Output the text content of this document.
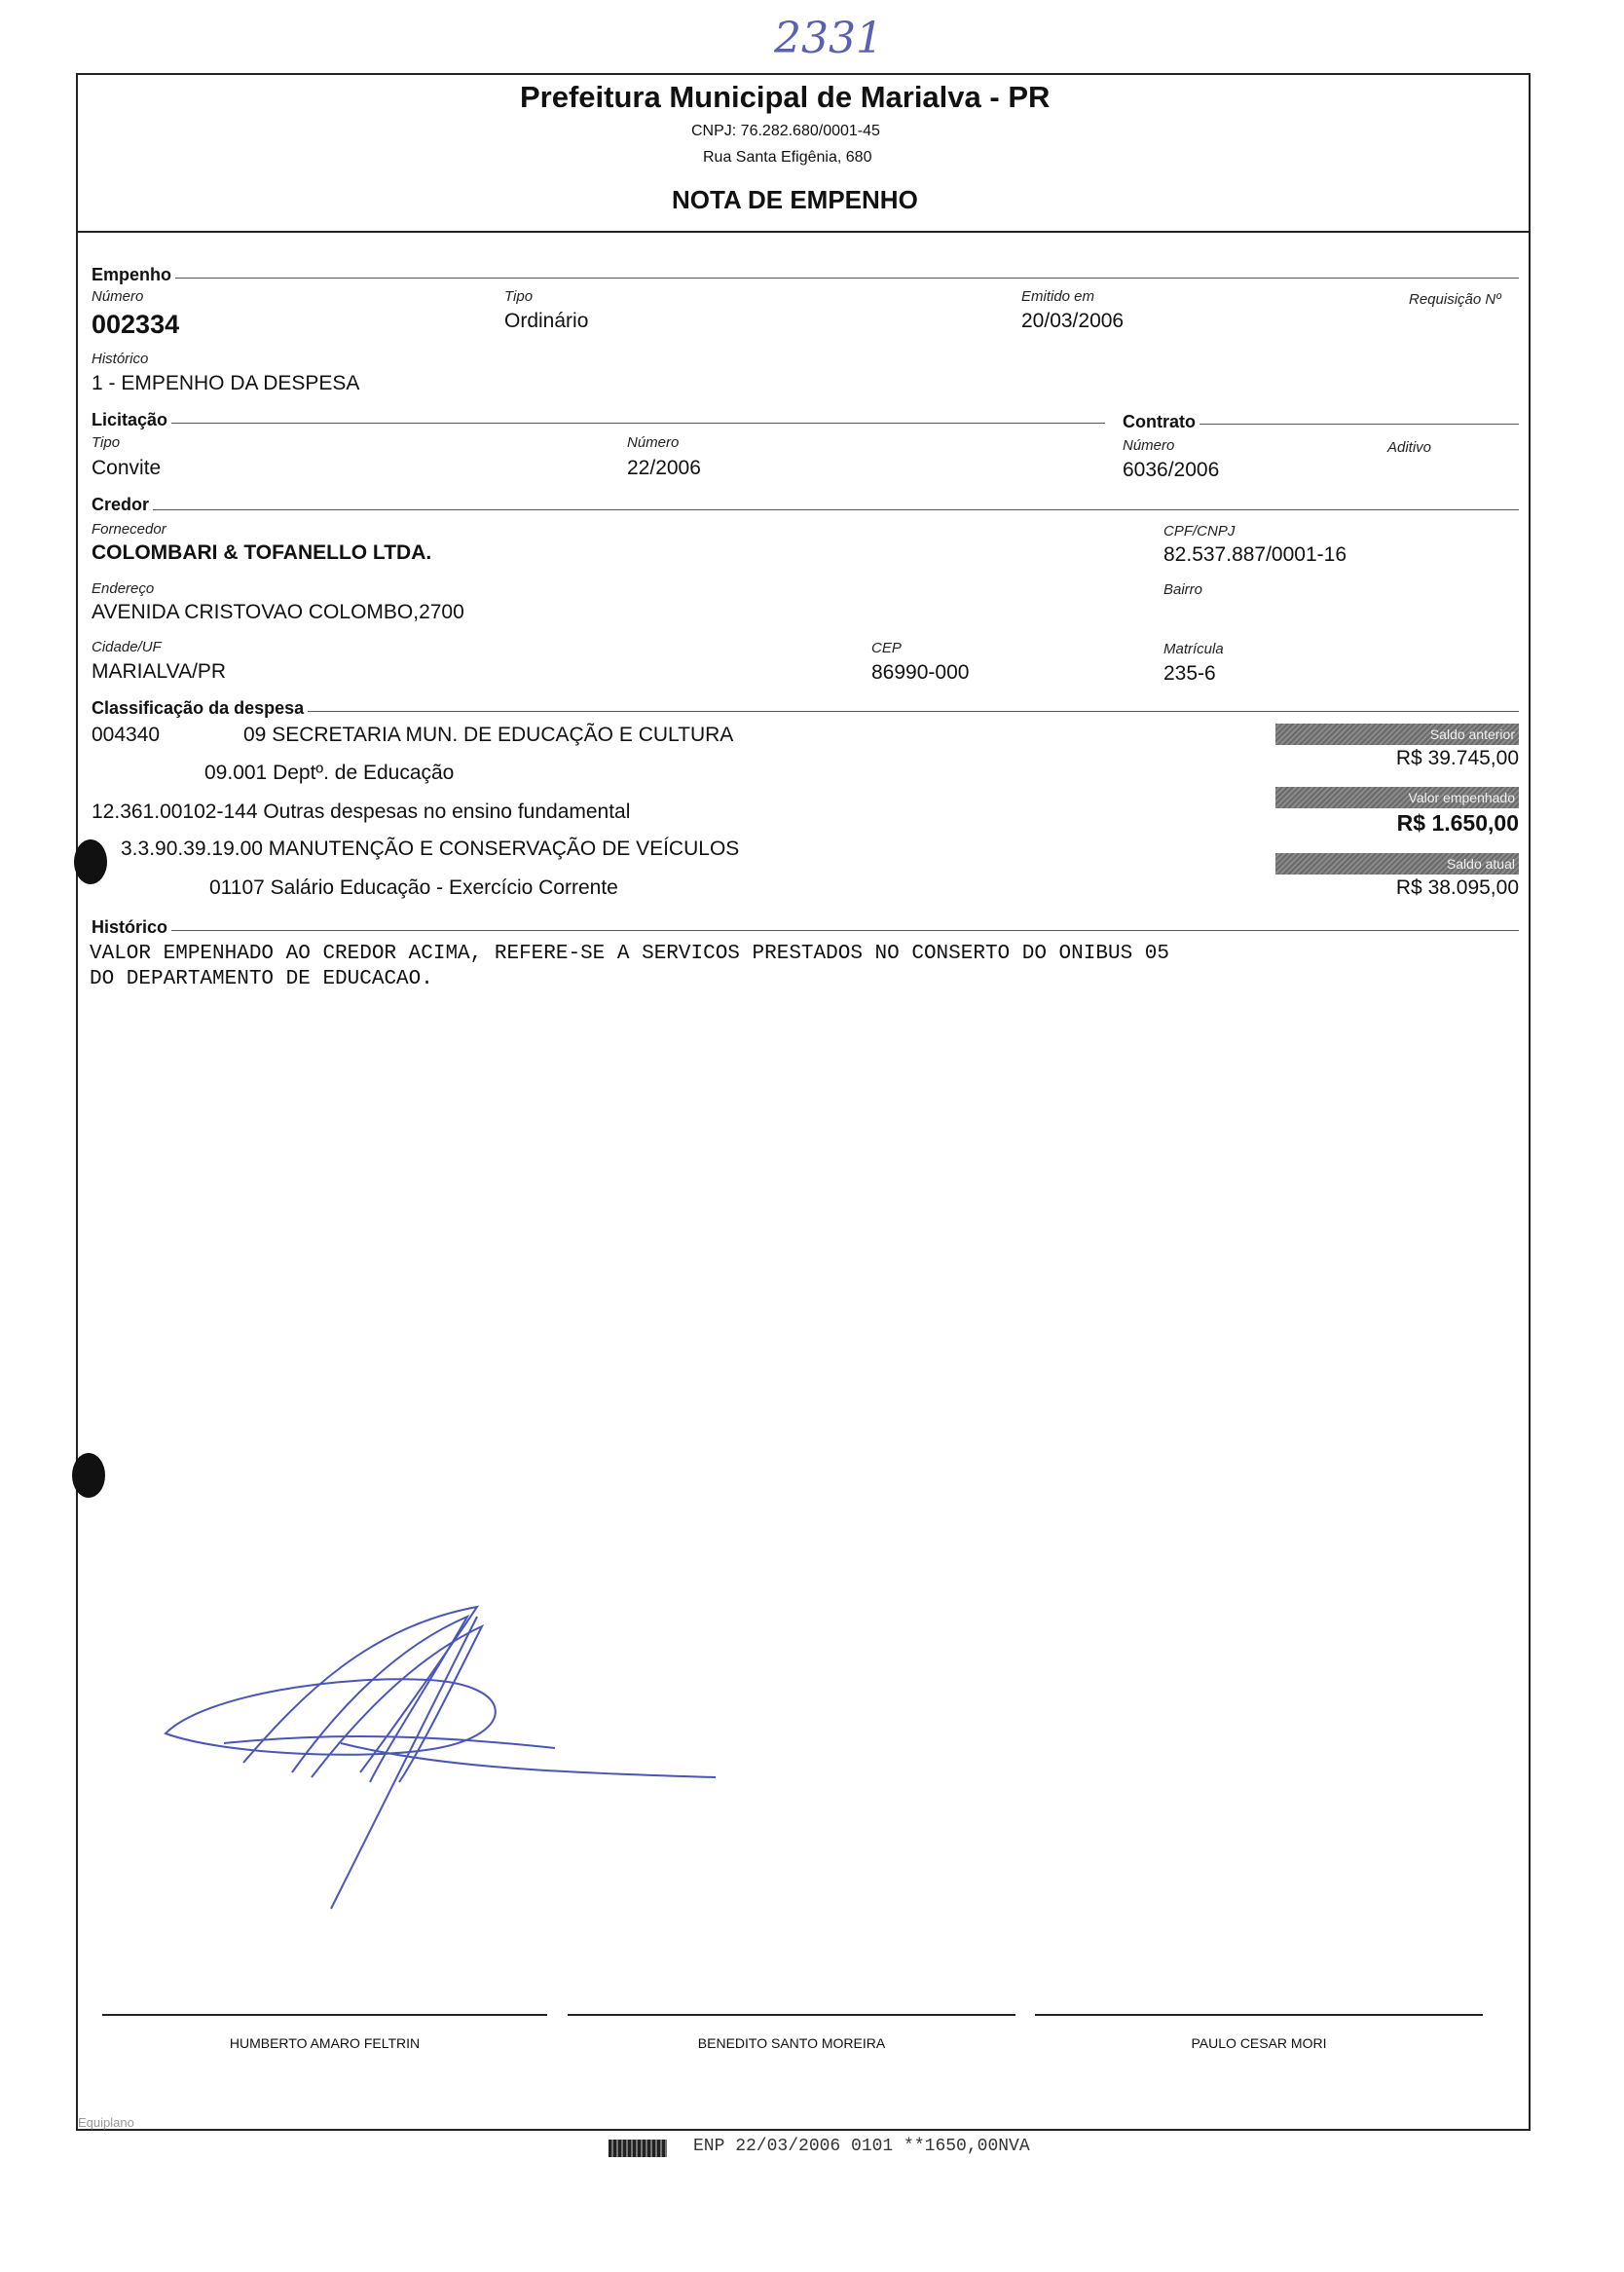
2331
Prefeitura Municipal de Marialva - PR
CNPJ: 76.282.680/0001-45
Rua Santa Efigênia, 680
NOTA DE EMPENHO
Empenho
Número
002334
Tipo
Ordinário
Emitido em
20/03/2006
Requisição Nº
Histórico
1 - EMPENHO DA DESPESA
Licitação
Tipo
Convite
Número
22/2006
Contrato
Número
6036/2006
Aditivo
Credor
Fornecedor
COLOMBARI & TOFANELLO LTDA.
CPF/CNPJ
82.537.887/0001-16
Endereço
AVENIDA CRISTOVAO COLOMBO,2700
Bairro
Cidade/UF
MARIALVA/PR
CEP
86990-000
Matrícula
235-6
Classificação da despesa
004340	09 SECRETARIA MUN. DE EDUCAÇÃO E CULTURA
09.001 Deptº. de Educação
12.361.00102-144 Outras despesas no ensino fundamental
3.3.90.39.19.00 MANUTENÇÃO E CONSERVAÇÃO DE VEÍCULOS
01107 Salário Educação - Exercício Corrente
Saldo anterior
R$ 39.745,00
Valor empenhado
R$ 1.650,00
Saldo atual
R$ 38.095,00
Histórico
VALOR EMPENHADO AO CREDOR ACIMA, REFERE-SE A SERVICOS PRESTADOS NO CONSERTO DO ONIBUS 05
DO DEPARTAMENTO DE EDUCACAO.
HUMBERTO AMARO FELTRIN	BENEDITO SANTO MOREIRA	PAULO CESAR MORI
Equiplano
ENP 22/03/2006 0101 **1650,00NVA
